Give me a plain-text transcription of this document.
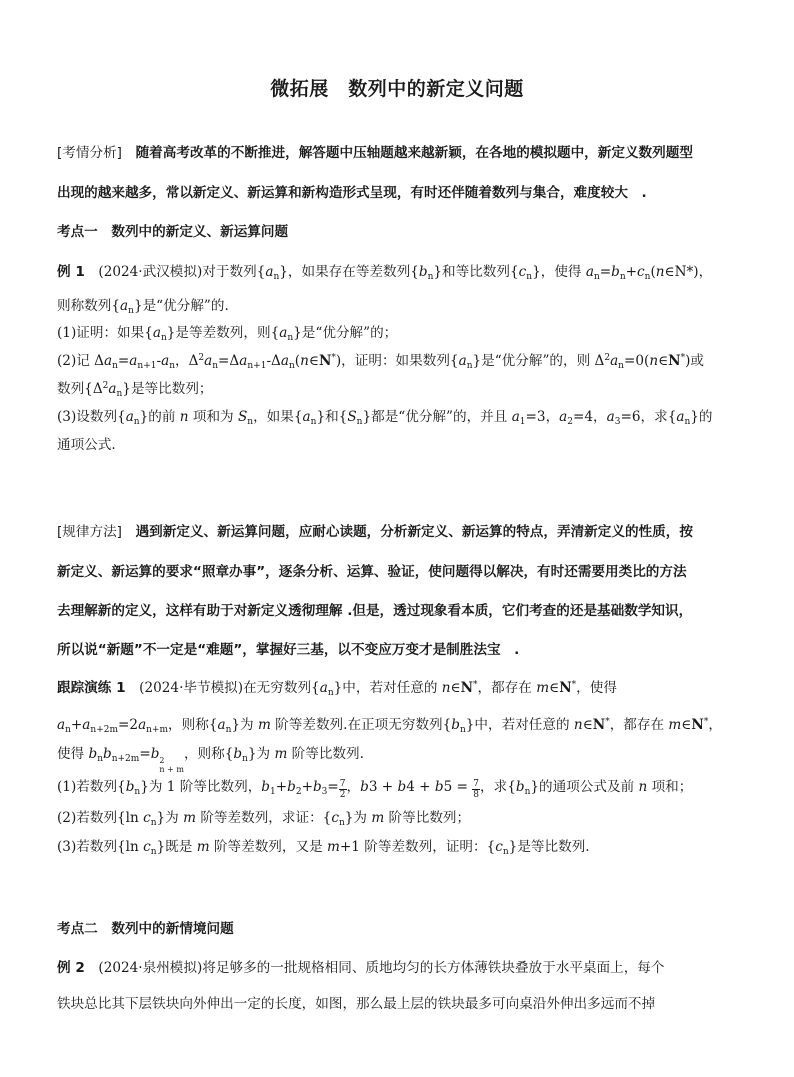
微拓展　数列中的新定义问题
[考情分析]　随着高考改革的不断推进，解答题中压轴题越来越新颖，在各地的模拟题中，新定义数列题型
出现的越来越多，常以新定义、新运算和新构造形式呈现，有时还伴随着数列与集合，难度较大　.
考点一　数列中的新定义、新运算问题
例 1　 (2024·武汉模拟)对于数列$\{a_n\}$，如果存在等差数列$\{b_n\}$和等比数列$\{c_n\}$，使得 $a_n=b_n+c_n(n\in N*)$，
则称数列$\{a_n\}$是“优分解”的.
(1)证明：如果$\{a_n\}$是等差数列，则$\{a_n\}$是“优分解”的；
(2)记 $\Delta a_n=a_{n+1}-a_n$，$\Delta^2a_n=\Delta a_{n+1}-\Delta a_n(n\in N^*)$，证明：如果数列$\{a_n\}$是“优分解”的，则 $\Delta^2a_n=0(n\in N^*)$或
数列$\{\Delta^2a_n\}$是等比数列；
(3)设数列$\{a_n\}$的前 n 项和为 $S_n$，如果$\{a_n\}$和$\{S_n\}$都是“优分解”的，并且 $a_1=3$，$a_2=4$，$a_3=6$，求$\{a_n\}$的
通项公式.
[规律方法]　遇到新定义、新运算问题，应耐心读题，分析新定义、新运算的特点，弄清新定义的性质，按
新定义、新运算的要求“照章办事”，逐条分析、运算、验证，使问题得以解决，有时还需要用类比的方法
去理解新的定义，这样有助于对新定义透彻理解 .但是，透过现象看本质，它们考查的还是基础数学知识，
所以说“新题”不一定是“难题”，掌握好三基，以不变应万变才是制胜法宝　.
跟踪演练 1　 (2024·毕节模拟)在无穷数列$\{a_n\}$中，若对任意的 n∈N*，都存在 m∈N*，使得
$a_n+a_{n+2m}=2a_{n+m}$，则称$\{a_n\}$为 m 阶等差数列.在正项无穷数列$\{b_n\}$中，若对任意的 n∈N*，都存在 m∈N*，
使得 $b_nb_{n+2m}=b$ 2
n + m
，则称$\{b_n\}$为 m 阶等比数列.
(1)若数列$\{b_n\}$为 1 阶等比数列，$b_1+b_2+b_3= \frac{7}{2}$ ，$b3 + b4 + b5 = \frac{7}{8}$ ，求$\{b_n\}$的通项公式及前 n 项和；
(2)若数列{ln $c_n$}为 m 阶等差数列，求证：$\{c_n\}$为 m 阶等比数列；
(3)若数列{ln $c_n$}既是 m 阶等差数列，又是 m+1 阶等差数列，证明：$\{c_n\}$是等比数列.
考点二　数列中的新情境问题
例 2　 (2024·泉州模拟)将足够多的一批规格相同、质地均匀的长方体薄铁块叠放于水平桌面上，每个
铁块总比其下层铁块向外伸出一定的长度，如图，那么最上层的铁块最多可向桌沿外伸出多远而不掉
